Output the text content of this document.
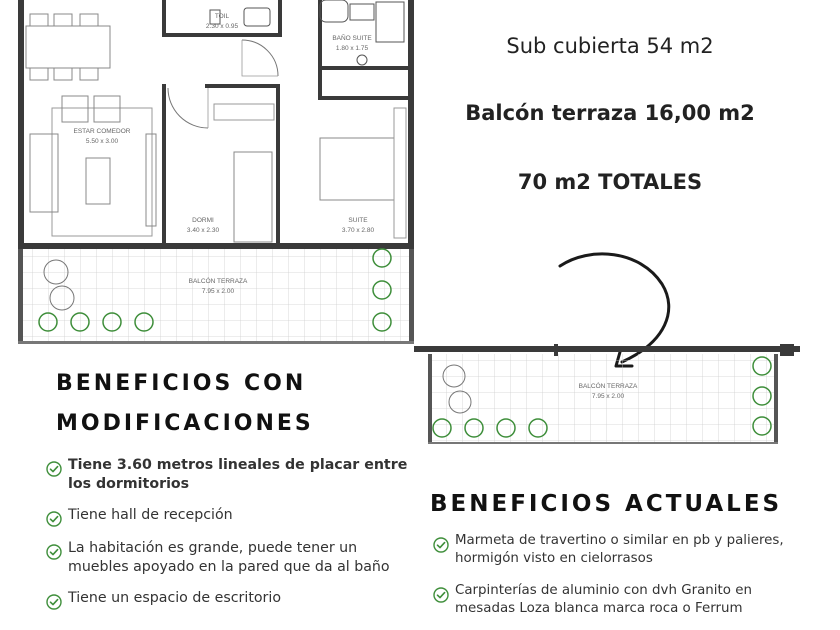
TOIL
2.30 x 0.95
BAÑO SUITE
1.80 x 1.75
ESTAR COMEDOR
5.50 x 3.00
DORMI
3.40 x 2.30
SUITE
3.70 x 2.80
BALCÓN TERRAZA
7.95 x 2.00
Sub cubierta 54 m2
Balcón terraza 16,00 m2
70 m2 TOTALES
BALCÓN TERRAZA
7.95 x 2.00
BENEFICIOS CON
MODIFICACIONES
Tiene 3.60 metros lineales de placar entre los dormitorios
Tiene hall de recepción
La habitación es grande, puede tener un muebles apoyado en la pared que da al baño
Tiene un espacio de escritorio
BENEFICIOS ACTUALES
Marmeta de travertino o similar en pb y palieres, hormigón visto en cielorrasos
Carpinterías de aluminio con dvh Granito en mesadas Loza blanca marca roca o Ferrum
